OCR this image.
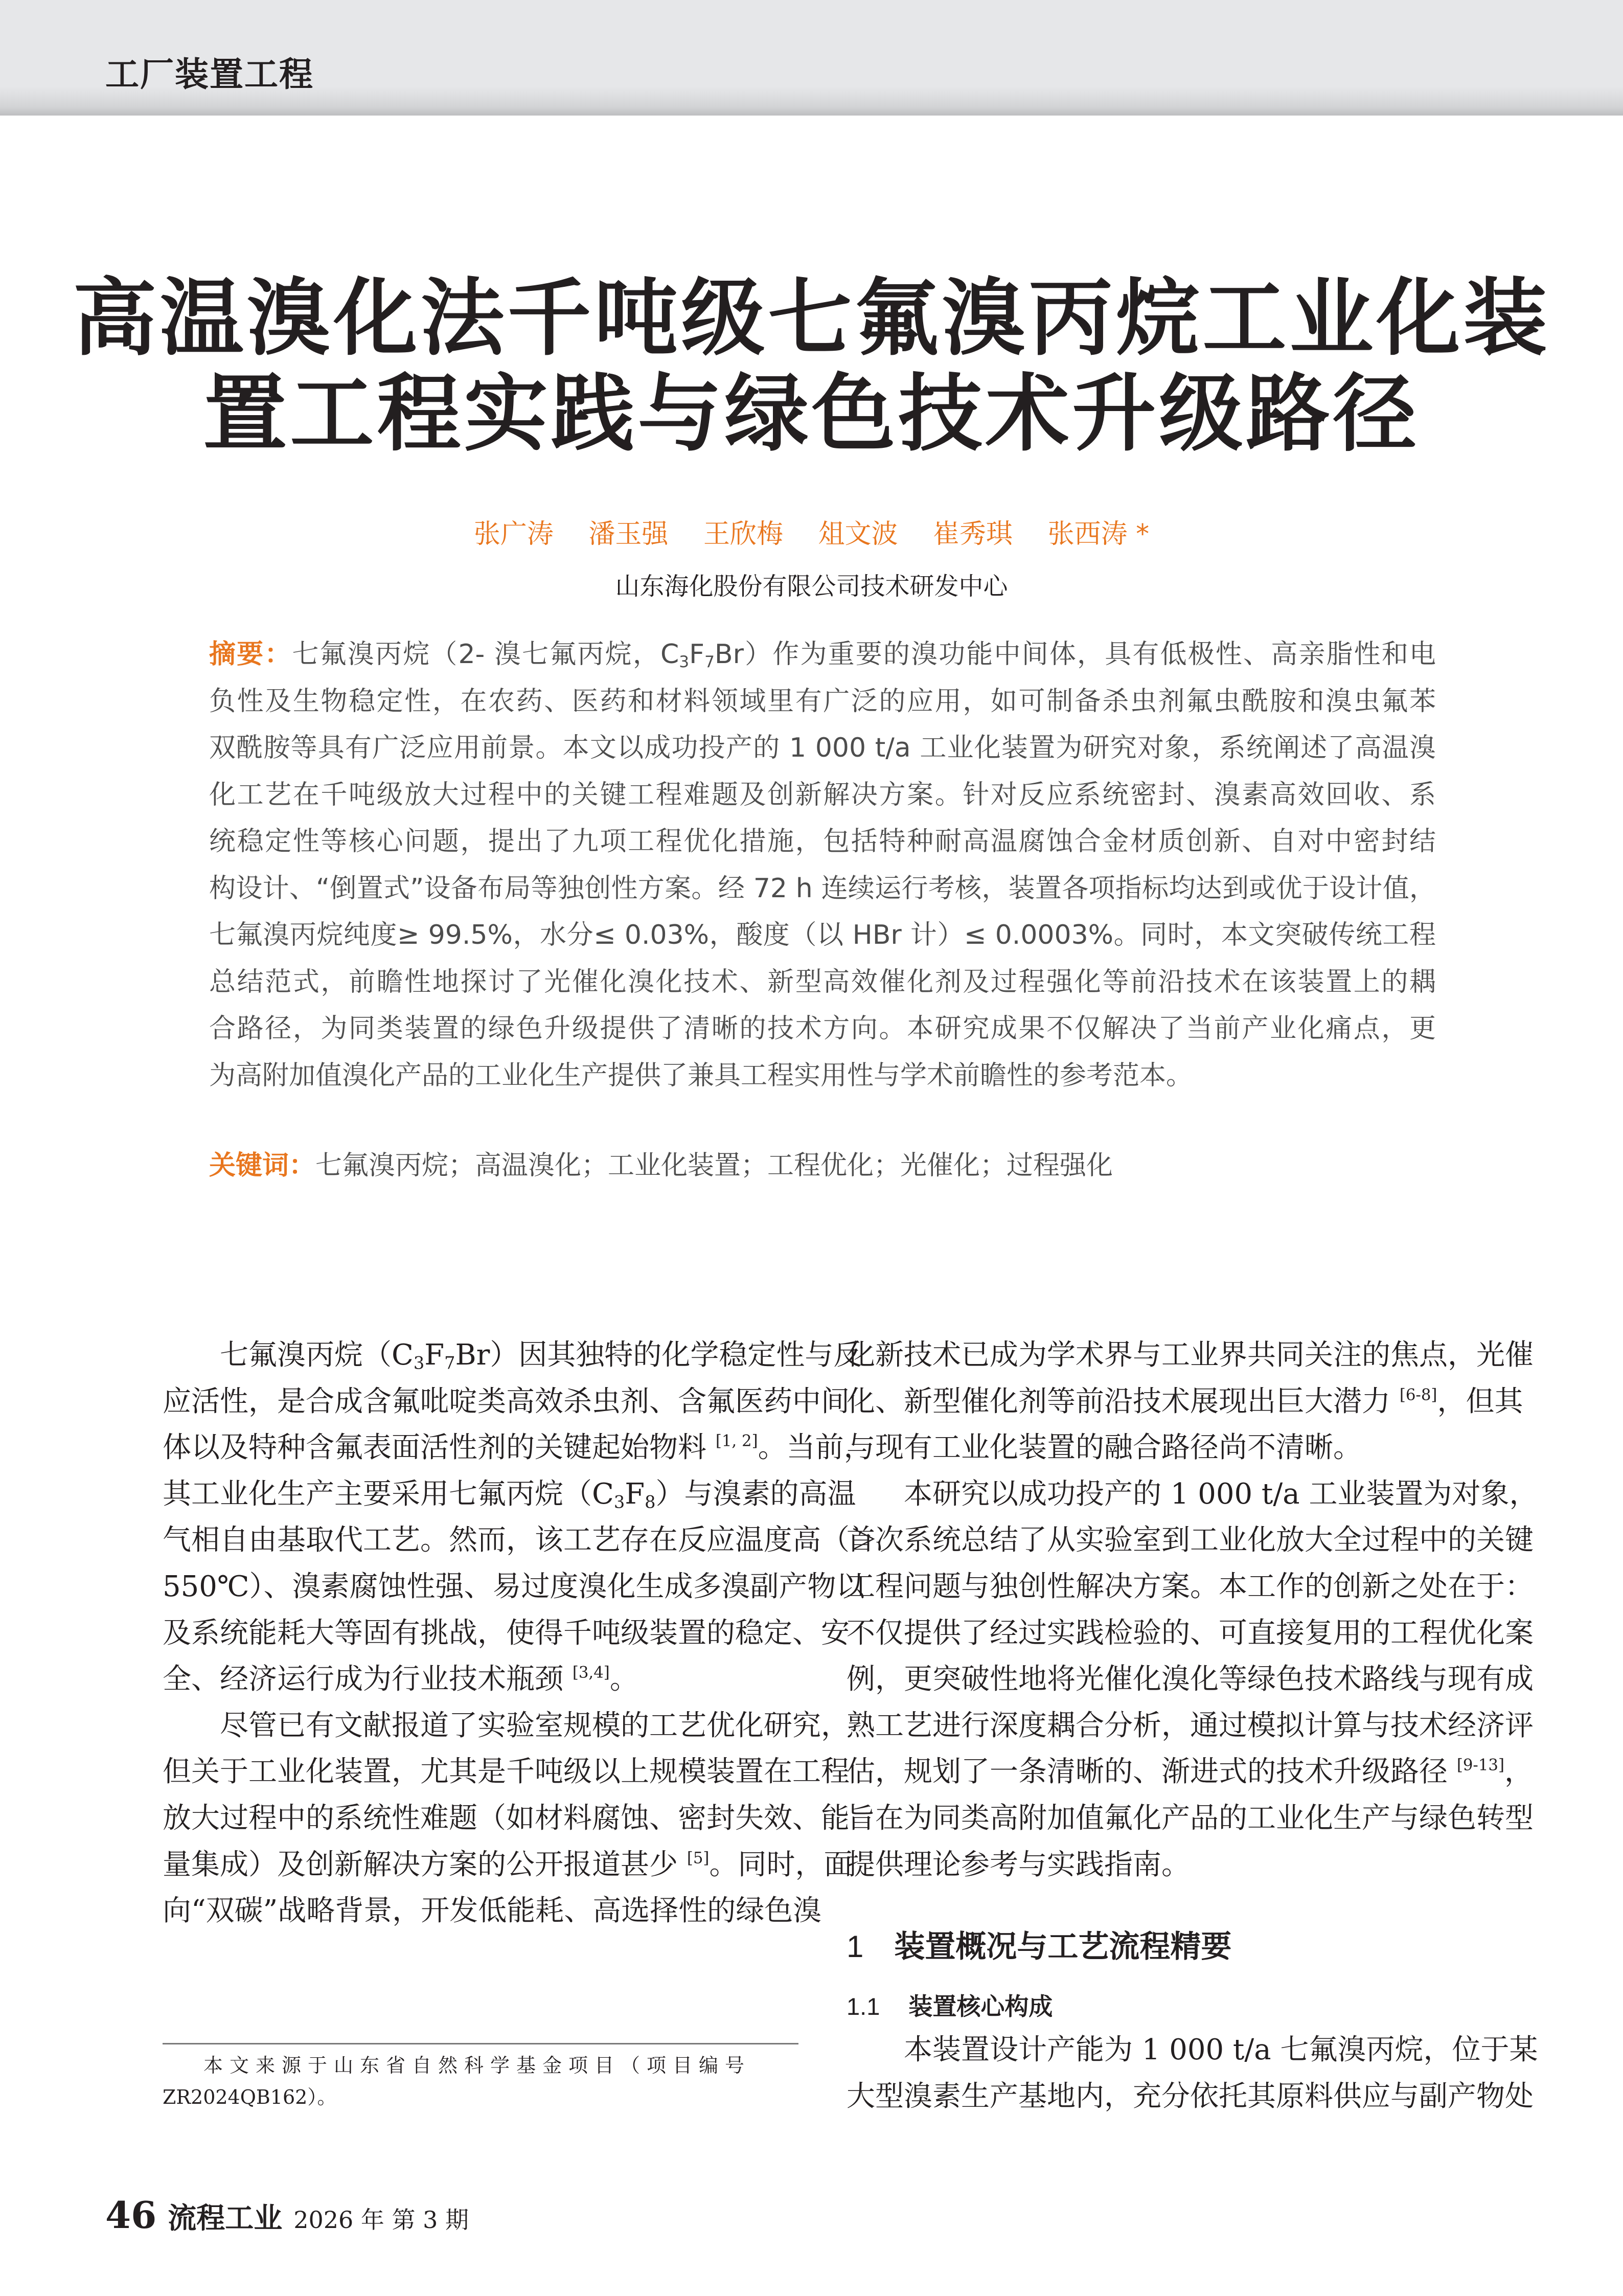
工厂装置工程
高温溴化法千吨级七氟溴丙烷工业化装
置工程实践与绿色技术升级路径
张广涛 潘玉强 王欣梅 俎文波 崔秀琪 张西涛 *
山东海化股份有限公司技术研发中心
摘要：七氟溴丙烷（2- 溴七氟丙烷，$C_3F_7Br$）作为重要的溴功能中间体，具有低极性、高亲脂性和电
负性及生物稳定性，在农药、医药和材料领域里有广泛的应用，如可制备杀虫剂氟虫酰胺和溴虫氟苯
双酰胺等具有广泛应用前景。本文以成功投产的 1 000 t/a 工业化装置为研究对象，系统阐述了高温溴
化工艺在千吨级放大过程中的关键工程难题及创新解决方案。针对反应系统密封、溴素高效回收、系
统稳定性等核心问题，提出了九项工程优化措施，包括特种耐高温腐蚀合金材质创新、自对中密封结
构设计、“倒置式”设备布局等独创性方案。经 72 h 连续运行考核，装置各项指标均达到或优于设计值，
七氟溴丙烷纯度≥ 99.5%，水分≤ 0.03%，酸度（以 HBr 计）≤ 0.0003%。同时，本文突破传统工程
总结范式，前瞻性地探讨了光催化溴化技术、新型高效催化剂及过程强化等前沿技术在该装置上的耦
合路径，为同类装置的绿色升级提供了清晰的技术方向。本研究成果不仅解决了当前产业化痛点，更
为高附加值溴化产品的工业化生产提供了兼具工程实用性与学术前瞻性的参考范本。
关键词：七氟溴丙烷；高温溴化；工业化装置；工程优化；光催化；过程强化
七氟溴丙烷$(C_3F_7Br)$因其独特的化学稳定性与反
应活性，是合成含氟吡啶类高效杀虫剂、含氟医药中间
体以及特种含氟表面活性剂的关键起始物料 [1, 2]。当前，
其工业化生产主要采用七氟丙烷$(C_3F_8)$与溴素的高温
气相自由基取代工艺。然而，该工艺存在反应温度高（＞
550℃）、溴素腐蚀性强、易过度溴化生成多溴副产物以
及系统能耗大等固有挑战，使得千吨级装置的稳定、安
全、经济运行成为行业技术瓶颈 [3,4]。
尽管已有文献报道了实验室规模的工艺优化研究，
但关于工业化装置，尤其是千吨级以上规模装置在工程
放大过程中的系统性难题（如材料腐蚀、密封失效、能
量集成）及创新解决方案的公开报道甚少 [5]。同时，面
向“双碳”战略背景，开发低能耗、高选择性的绿色溴
化新技术已成为学术界与工业界共同关注的焦点，光催
化、新型催化剂等前沿技术展现出巨大潜力 [6-8]，但其
与现有工业化装置的融合路径尚不清晰。
本研究以成功投产的 1 000 t/a 工业装置为对象，
首次系统总结了从实验室到工业化放大全过程中的关键
工程问题与独创性解决方案。本工作的创新之处在于：
不仅提供了经过实践检验的、可直接复用的工程优化案
例，更突破性地将光催化溴化等绿色技术路线与现有成
熟工艺进行深度耦合分析，通过模拟计算与技术经济评
估，规划了一条清晰的、渐进式的技术升级路径 [9-13]，
旨在为同类高附加值氟化产品的工业化生产与绿色转型
提供理论参考与实践指南。
1 装置概况与工艺流程精要
1.1 装置核心构成
本装置设计产能为 1 000 t/a 七氟溴丙烷，位于某
大型溴素生产基地内，充分依托其原料供应与副产物处
本文来源于山东省自然科学基金项目（项目编号
ZR2024QB162）。
46 流程工业 2026 年 第 3 期
